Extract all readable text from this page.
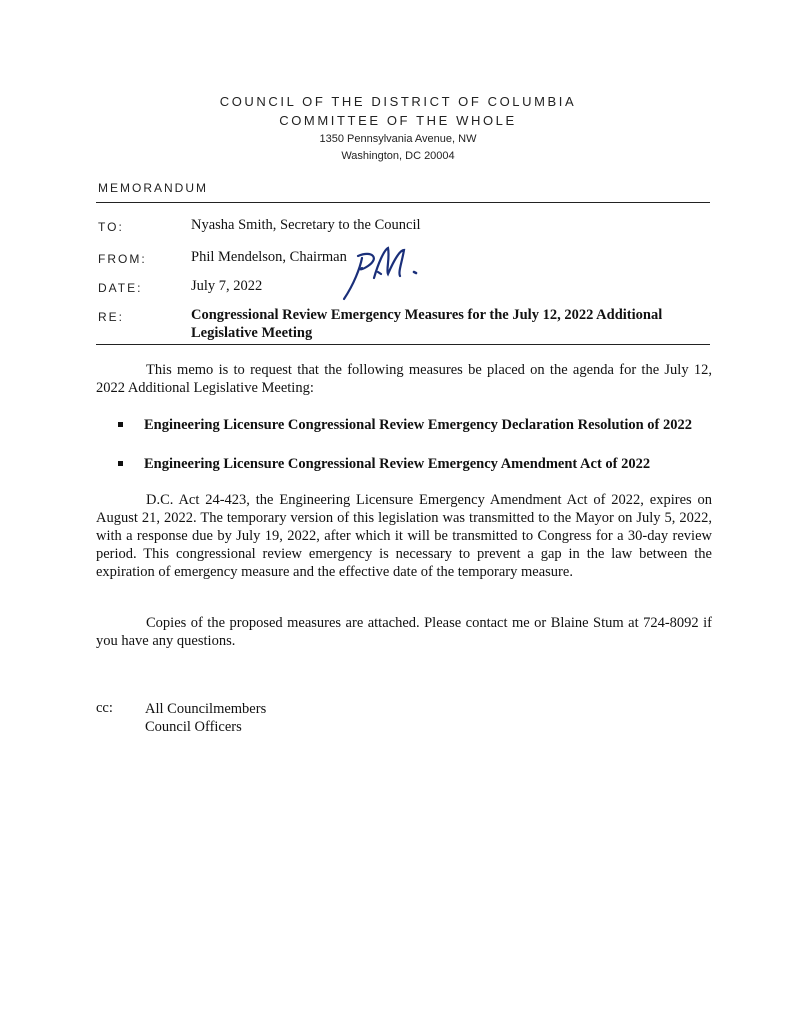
COUNCIL OF THE DISTRICT OF COLUMBIA
COMMITTEE OF THE WHOLE
1350 Pennsylvania Avenue, NW
Washington, DC 20004
MEMORANDUM
TO:	Nyasha Smith, Secretary to the Council
FROM:	Phil Mendelson, Chairman
DATE:	July 7, 2022
RE:	Congressional Review Emergency Measures for the July 12, 2022 Additional Legislative Meeting
This memo is to request that the following measures be placed on the agenda for the July 12, 2022 Additional Legislative Meeting:
Engineering Licensure Congressional Review Emergency Declaration Resolution of 2022
Engineering Licensure Congressional Review Emergency Amendment Act of 2022
D.C. Act 24-423, the Engineering Licensure Emergency Amendment Act of 2022, expires on August 21, 2022. The temporary version of this legislation was transmitted to the Mayor on July 5, 2022, with a response due by July 19, 2022, after which it will be transmitted to Congress for a 30-day review period. This congressional review emergency is necessary to prevent a gap in the law between the expiration of emergency measure and the effective date of the temporary measure.
Copies of the proposed measures are attached. Please contact me or Blaine Stum at 724-8092 if you have any questions.
cc: All Councilmembers
Council Officers
